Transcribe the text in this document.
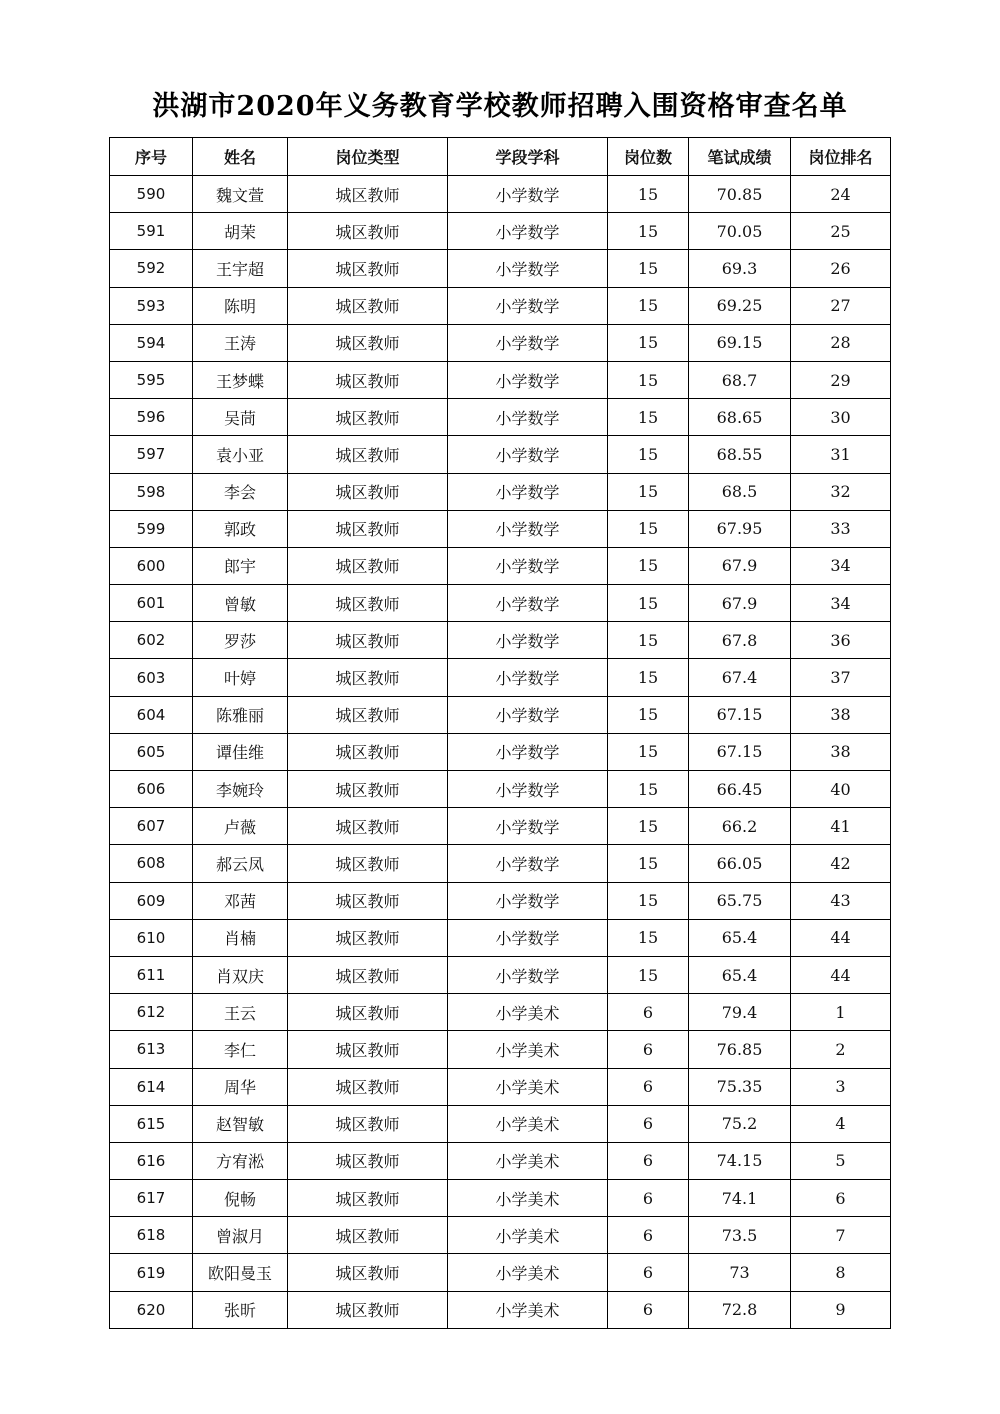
洪湖市2020年义务教育学校教师招聘入围资格审查名单
序号	姓名	岗位类型	学段学科	岗位数	笔试成绩	岗位排名
590	魏文萱	城区教师	小学数学	15	70.85	24
591	胡茉	城区教师	小学数学	15	70.05	25
592	王宇超	城区教师	小学数学	15	69.3	26
593	陈明	城区教师	小学数学	15	69.25	27
594	王涛	城区教师	小学数学	15	69.15	28
595	王梦蝶	城区教师	小学数学	15	68.7	29
596	吴茼	城区教师	小学数学	15	68.65	30
597	袁小亚	城区教师	小学数学	15	68.55	31
598	李会	城区教师	小学数学	15	68.5	32
599	郭政	城区教师	小学数学	15	67.95	33
600	郎宇	城区教师	小学数学	15	67.9	34
601	曾敏	城区教师	小学数学	15	67.9	34
602	罗莎	城区教师	小学数学	15	67.8	36
603	叶婷	城区教师	小学数学	15	67.4	37
604	陈雅丽	城区教师	小学数学	15	67.15	38
605	谭佳维	城区教师	小学数学	15	67.15	38
606	李婉玲	城区教师	小学数学	15	66.45	40
607	卢薇	城区教师	小学数学	15	66.2	41
608	郝云凤	城区教师	小学数学	15	66.05	42
609	邓茜	城区教师	小学数学	15	65.75	43
610	肖楠	城区教师	小学数学	15	65.4	44
611	肖双庆	城区教师	小学数学	15	65.4	44
612	王云	城区教师	小学美术	6	79.4	1
613	李仁	城区教师	小学美术	6	76.85	2
614	周华	城区教师	小学美术	6	75.35	3
615	赵智敏	城区教师	小学美术	6	75.2	4
616	方宥淞	城区教师	小学美术	6	74.15	5
617	倪畅	城区教师	小学美术	6	74.1	6
618	曾淑月	城区教师	小学美术	6	73.5	7
619	欧阳曼玉	城区教师	小学美术	6	73	8
620	张昕	城区教师	小学美术	6	72.8	9
